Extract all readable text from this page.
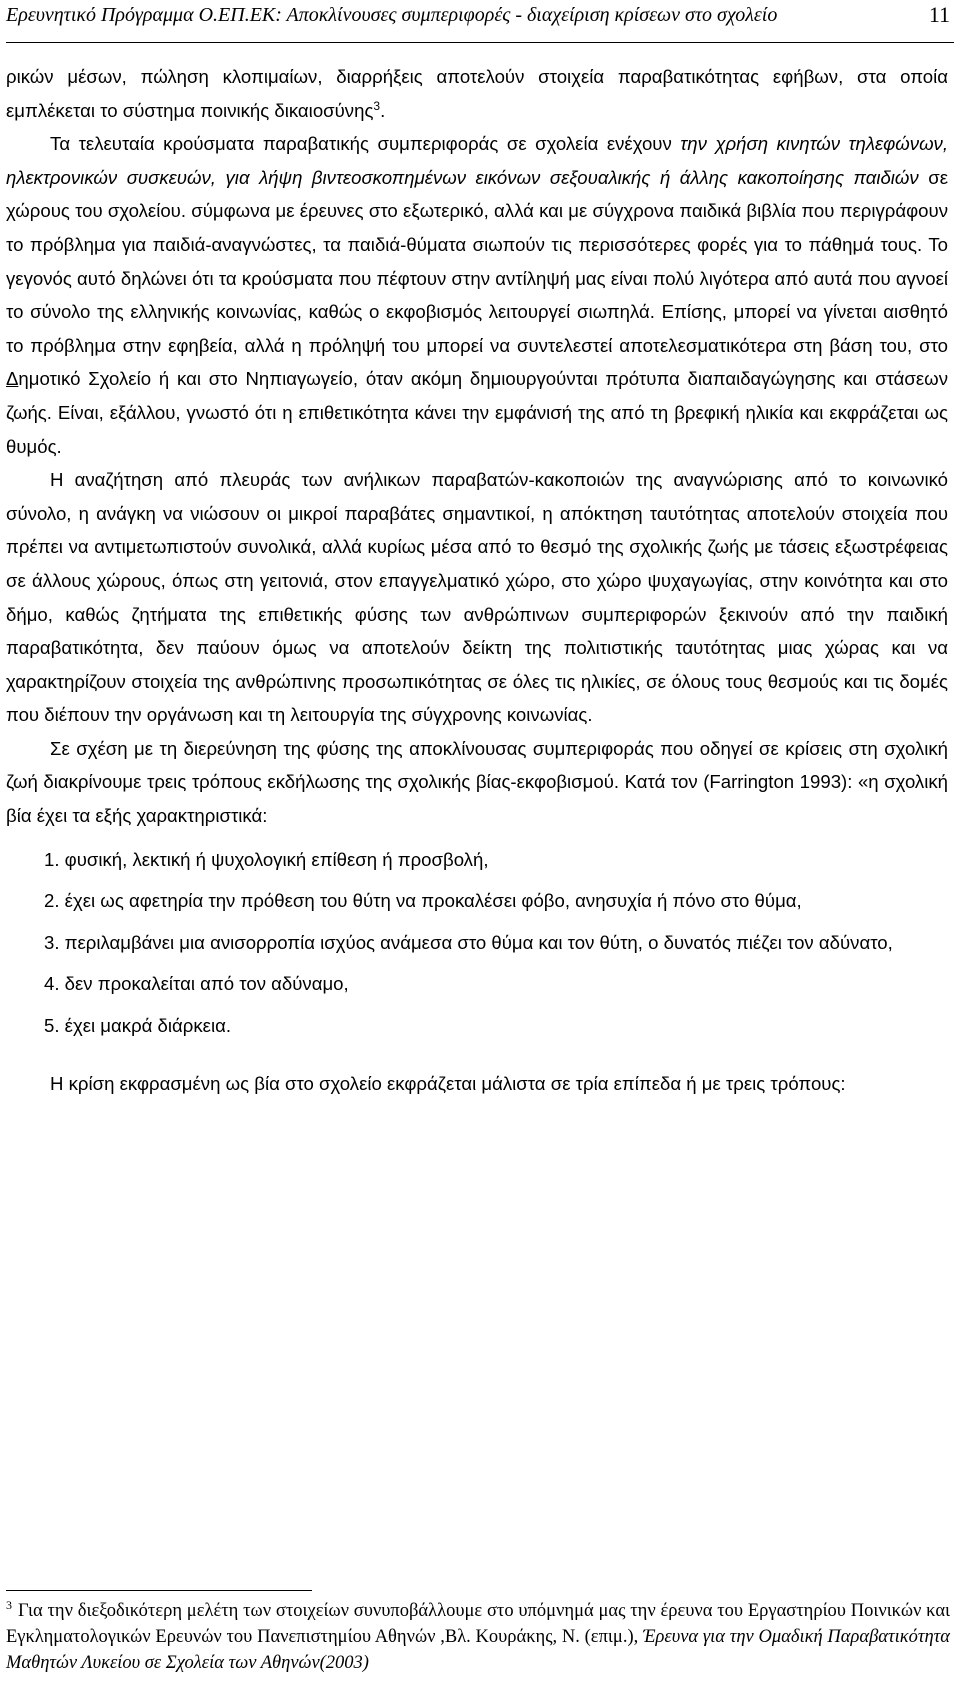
Ερευνητικό Πρόγραμμα Ο.ΕΠ.ΕΚ: Αποκλίνουσες συμπεριφορές - διαχείριση κρίσεων στο σχολείο	11

ρικών μέσων, πώληση κλοπιμαίων, διαρρήξεις αποτελούν στοιχεία παραβατικότητας εφήβων, στα οποία εμπλέκεται το σύστημα ποινικής δικαιοσύνης$^3$.

Τα τελευταία κρούσματα παραβατικής συμπεριφοράς σε σχολεία ενέχουν την χρήση κινητών τηλεφώνων, ηλεκτρονικών συσκευών, για λήψη βιντεοσκοπημένων εικόνων σεξουαλικής ή άλλης κακοποίησης παιδιών σε χώρους του σχολείου. σύμφωνα με έρευνες στο εξωτερικό, αλλά και με σύγχρονα παιδικά βιβλία που περιγράφουν το πρόβλημα για παιδιά-αναγνώστες, τα παιδιά-θύματα σιωπούν τις περισσότερες φορές για το πάθημά τους. Το γεγονός αυτό δηλώνει ότι τα κρούσματα που πέφτουν στην αντίληψή μας είναι πολύ λιγότερα από αυτά που αγνοεί το σύνολο της ελληνικής κοινωνίας, καθώς ο εκφοβισμός λειτουργεί σιωπηλά. Επίσης, μπορεί να γίνεται αισθητό το πρόβλημα στην εφηβεία, αλλά η πρόληψή του μπορεί να συντελεστεί αποτελεσματικότερα στη βάση του, στο Δημοτικό Σχολείο ή και στο Νηπιαγωγείο, όταν ακόμη δημιουργούνται πρότυπα διαπαιδαγώγησης και στάσεων ζωής. Είναι, εξάλλου, γνωστό ότι η επιθετικότητα κάνει την εμφάνισή της από τη βρεφική ηλικία και εκφράζεται ως θυμός.

Η αναζήτηση από πλευράς των ανήλικων παραβατών-κακοποιών της αναγνώρισης από το κοινωνικό σύνολο, η ανάγκη να νιώσουν οι μικροί παραβάτες σημαντικοί, η απόκτηση ταυτότητας αποτελούν στοιχεία που πρέπει να αντιμετωπιστούν συνολικά, αλλά κυρίως μέσα από το θεσμό της σχολικής ζωής με τάσεις εξωστρέφειας σε άλλους χώρους, όπως στη γειτονιά, στον επαγγελματικό χώρο, στο χώρο ψυχαγωγίας, στην κοινότητα και στο δήμο, καθώς ζητήματα της επιθετικής φύσης των ανθρώπινων συμπεριφορών ξεκινούν από την παιδική παραβατικότητα, δεν παύουν όμως να αποτελούν δείκτη της πολιτιστικής ταυτότητας μιας χώρας και να χαρακτηρίζουν στοιχεία της ανθρώπινης προσωπικότητας σε όλες τις ηλικίες, σε όλους τους θεσμούς και τις δομές που διέπουν την οργάνωση και τη λειτουργία της σύγχρονης κοινωνίας.

Σε σχέση με τη διερεύνηση της φύσης της αποκλίνουσας συμπεριφοράς που οδηγεί σε κρίσεις στη σχολική ζωή διακρίνουμε τρεις τρόπους εκδήλωσης της σχολικής βίας-εκφοβισμού. Κατά τον (Farrington 1993): «η σχολική βία έχει τα εξής χαρακτηριστικά:

1. φυσική, λεκτική ή ψυχολογική επίθεση ή προσβολή,
2. έχει ως αφετηρία την πρόθεση του θύτη να προκαλέσει φόβο, ανησυχία ή πόνο στο θύμα,
3. περιλαμβάνει μια ανισορροπία ισχύος ανάμεσα στο θύμα και τον θύτη, ο δυνατός πιέζει τον αδύνατο,
4. δεν προκαλείται από τον αδύναμο,
5. έχει μακρά διάρκεια.

Η κρίση εκφρασμένη ως βία στο σχολείο εκφράζεται μάλιστα σε τρία επίπεδα ή με τρεις τρόπους:

$^3$ Για την διεξοδικότερη μελέτη των στοιχείων συνυποβάλλουμε στο υπόμνημά μας την έρευνα του Εργαστηρίου Ποινικών και Εγκληματολογικών Ερευνών του Πανεπιστημίου Αθηνών ,Βλ. Κουράκης, Ν. (επιμ.), Έρευνα για την Ομαδική Παραβατικότητα Μαθητών Λυκείου σε Σχολεία των Αθηνών(2003)
